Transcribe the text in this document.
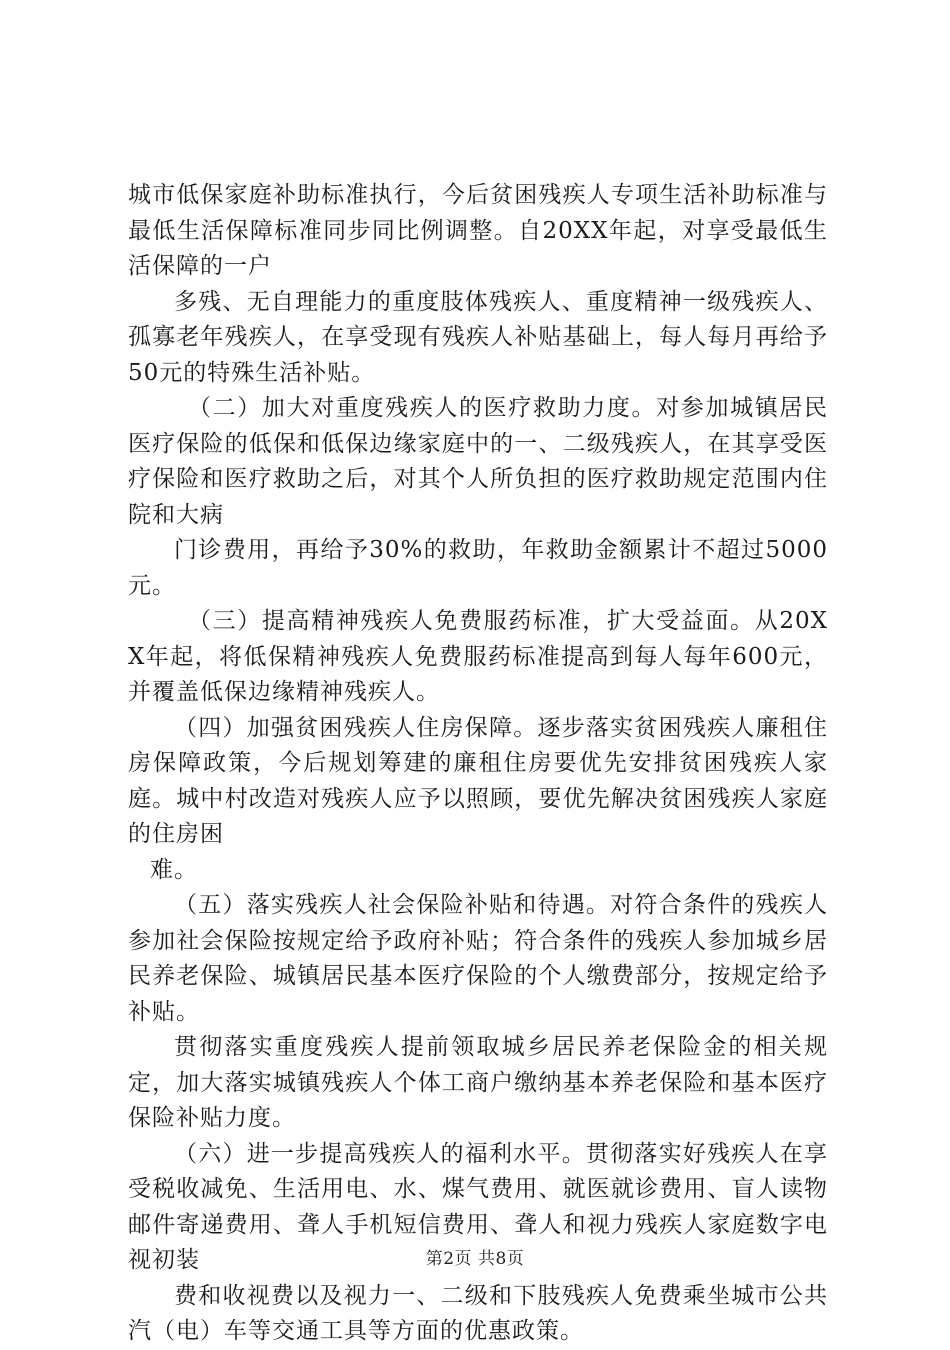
城市低保家庭补助标准执行，今后贫困残疾人专项生活补助标准与最低生活保障标准同步同比例调整。自20XX年起，对享受最低生活保障的一户

多残、无自理能力的重度肢体残疾人、重度精神一级残疾人、孤寡老年残疾人，在享受现有残疾人补贴基础上，每人每月再给予50元的特殊生活补贴。

（二）加大对重度残疾人的医疗救助力度。对参加城镇居民医疗保险的低保和低保边缘家庭中的一、二级残疾人，在其享受医疗保险和医疗救助之后，对其个人所负担的医疗救助规定范围内住院和大病

门诊费用，再给予30%的救助，年救助金额累计不超过5000元。

（三）提高精神残疾人免费服药标准，扩大受益面。从20XX年起，将低保精神残疾人免费服药标准提高到每人每年600元，并覆盖低保边缘精神残疾人。

（四）加强贫困残疾人住房保障。逐步落实贫困残疾人廉租住房保障政策，今后规划筹建的廉租住房要优先安排贫困残疾人家庭。城中村改造对残疾人应予以照顾，要优先解决贫困残疾人家庭的住房困

难。

（五）落实残疾人社会保险补贴和待遇。对符合条件的残疾人参加社会保险按规定给予政府补贴；符合条件的残疾人参加城乡居民养老保险、城镇居民基本医疗保险的个人缴费部分，按规定给予补贴。

贯彻落实重度残疾人提前领取城乡居民养老保险金的相关规定，加大落实城镇残疾人个体工商户缴纳基本养老保险和基本医疗保险补贴力度。

（六）进一步提高残疾人的福利水平。贯彻落实好残疾人在享受税收减免、生活用电、水、煤气费用、就医就诊费用、盲人读物邮件寄递费用、聋人手机短信费用、聋人和视力残疾人家庭数字电视初装

费和收视费以及视力一、二级和下肢残疾人免费乘坐城市公共汽（电）车等交通工具等方面的优惠政策。

第2页 共8页
